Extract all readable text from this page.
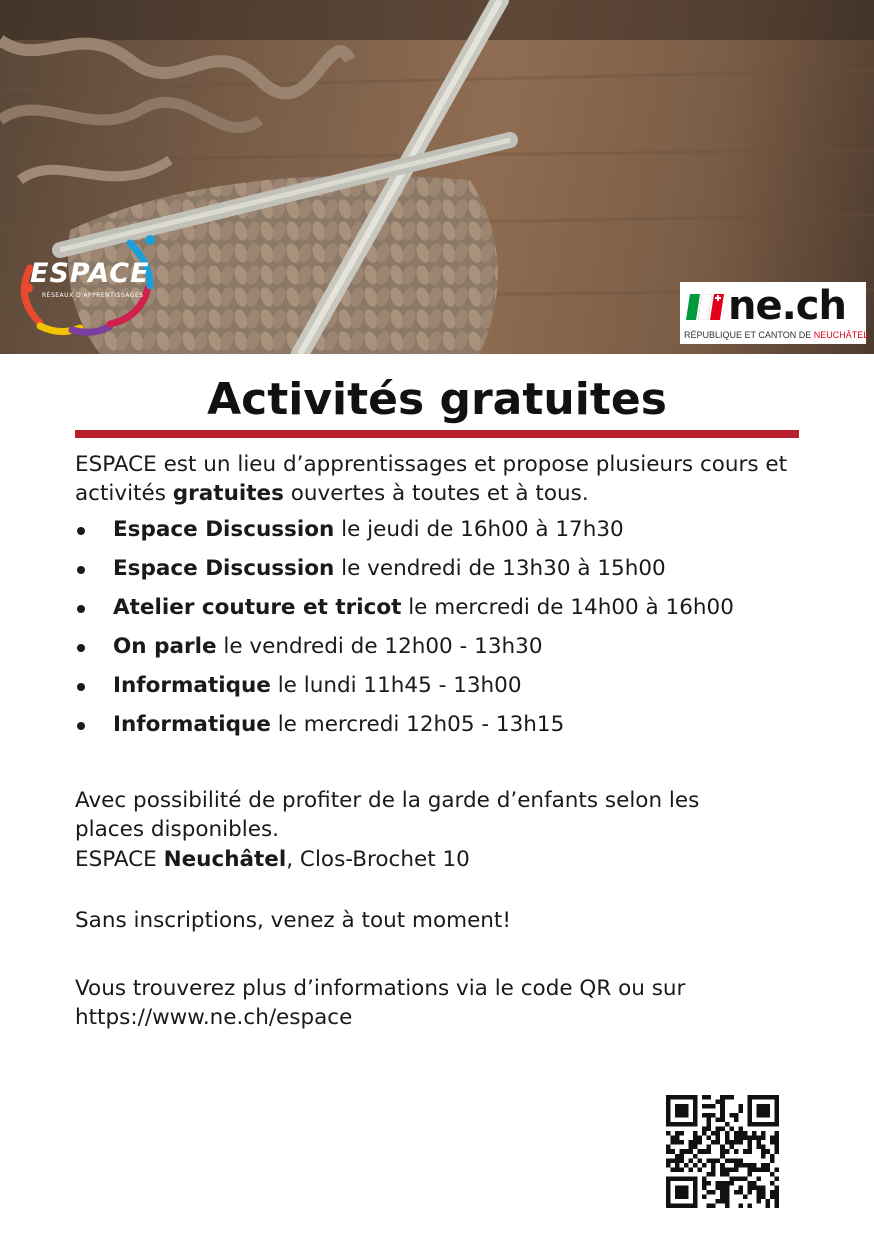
ESPACE
RÉSEAUX D'APPRENTISSAGES	ne.ch
RÉPUBLIQUE ET CANTON DE NEUCHÂTEL
Activités gratuites

ESPACE est un lieu d’apprentissages et propose plusieurs cours et activités gratuites ouvertes à toutes et à tous.

Espace Discussion le jeudi de 16h00 à 17h30
Espace Discussion le vendredi de 13h30 à 15h00
Atelier couture et tricot le mercredi de 14h00 à 16h00
On parle le vendredi de 12h00 - 13h30
Informatique le lundi 11h45 - 13h00
Informatique le mercredi 12h05 - 13h15

Avec possibilité de profiter de la garde d’enfants selon les places disponibles.

ESPACE Neuchâtel, Clos-Brochet 10

Sans inscriptions, venez à tout moment!

Vous trouverez plus d’informations via le code QR ou sur
https://www.ne.ch/espace
